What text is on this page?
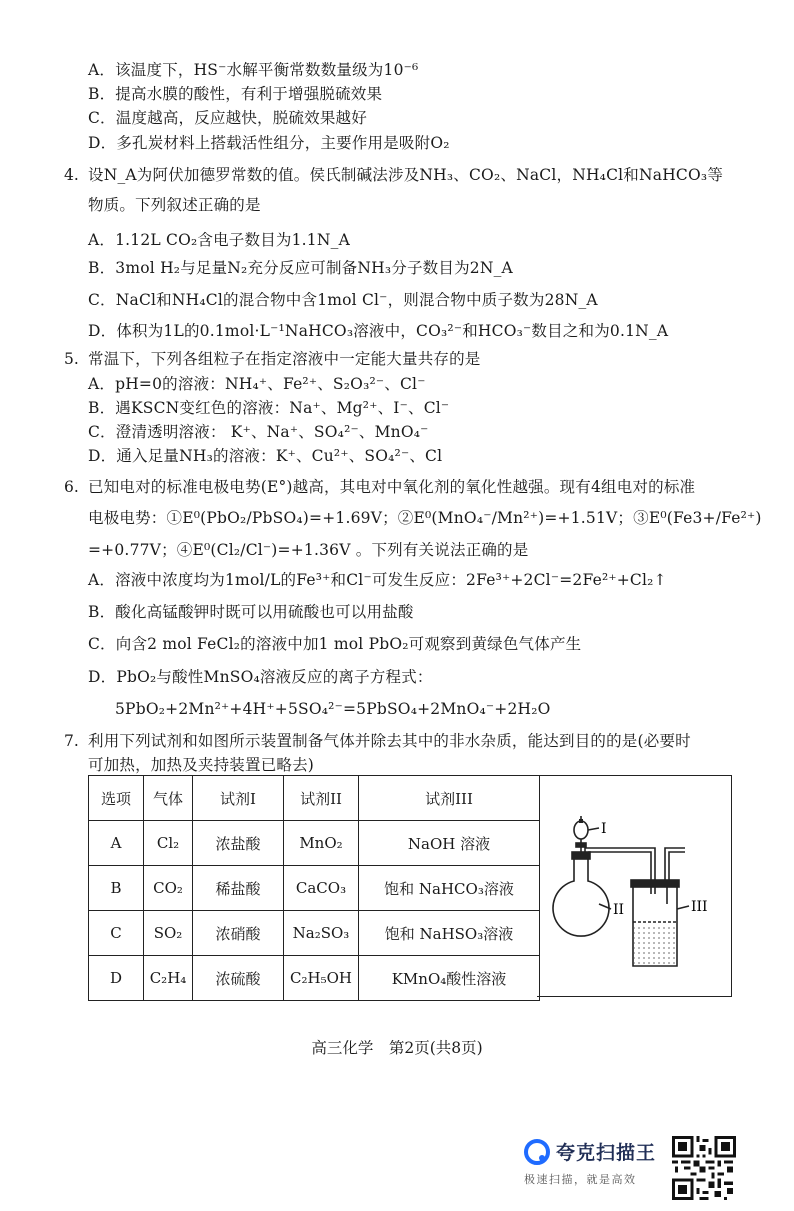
A．该温度下，HS⁻水解平衡常数数量级为10⁻⁶
B．提高水膜的酸性，有利于增强脱硫效果
C．温度越高，反应越快，脱硫效果越好
D．多孔炭材料上搭载活性组分，主要作用是吸附O₂
4. 设N_A为阿伏加德罗常数的值。侯氏制碱法涉及NH₃、CO₂、NaCl，NH₄Cl和NaHCO₃等
物质。下列叙述正确的是
A．1.12L CO₂含电子数目为1.1N_A
B．3mol H₂与足量N₂充分反应可制备NH₃分子数目为2N_A
C．NaCl和NH₄Cl的混合物中含1mol Cl⁻，则混合物中质子数为28N_A
D．体积为1L的0.1mol·L⁻¹NaHCO₃溶液中，CO₃²⁻和HCO₃⁻数目之和为0.1N_A
5. 常温下，下列各组粒子在指定溶液中一定能大量共存的是
A．pH=0的溶液：NH₄⁺、Fe²⁺、S₂O₃²⁻、Cl⁻
B．遇KSCN变红色的溶液：Na⁺、Mg²⁺、I⁻、Cl⁻
C．澄清透明溶液： K⁺、Na⁺、SO₄²⁻、MnO₄⁻
D．通入足量NH₃的溶液：K⁺、Cu²⁺、SO₄²⁻、Cl
6. 已知电对的标准电极电势(E°)越高，其电对中氧化剂的氧化性越强。现有4组电对的标准
电极电势：①E⁰(PbO₂/PbSO₄)=+1.69V；②E⁰(MnO₄⁻/Mn²⁺)=+1.51V；③E⁰(Fe3+/Fe²⁺)
=+0.77V；④E⁰(Cl₂/Cl⁻)=+1.36V 。下列有关说法正确的是
A．溶液中浓度均为1mol/L的Fe³⁺和Cl⁻可发生反应：2Fe³⁺+2Cl⁻=2Fe²⁺+Cl₂↑
B．酸化高锰酸钾时既可以用硫酸也可以用盐酸
C．向含2 mol FeCl₂的溶液中加1 mol PbO₂可观察到黄绿色气体产生
D．PbO₂与酸性MnSO₄溶液反应的离子方程式：
5PbO₂+2Mn²⁺+4H⁺+5SO₄²⁻=5PbSO₄+2MnO₄⁻+2H₂O
7. 利用下列试剂和如图所示装置制备气体并除去其中的非水杂质，能达到目的的是(必要时
可加热，加热及夹持装置已略去)
选项	气体	试剂I	试剂II	试剂III
A	Cl₂	浓盐酸	MnO₂	NaOH 溶液
B	CO₂	稀盐酸	CaCO₃	饱和 NaHCO₃溶液
C	SO₂	浓硝酸	Na₂SO₃	饱和 NaHSO₃溶液
D	C₂H₄	浓硫酸	C₂H₅OH	KMnO₄酸性溶液
I
II	III
高三化学　第2页(共8页)
夸克扫描王
极速扫描，就是高效
